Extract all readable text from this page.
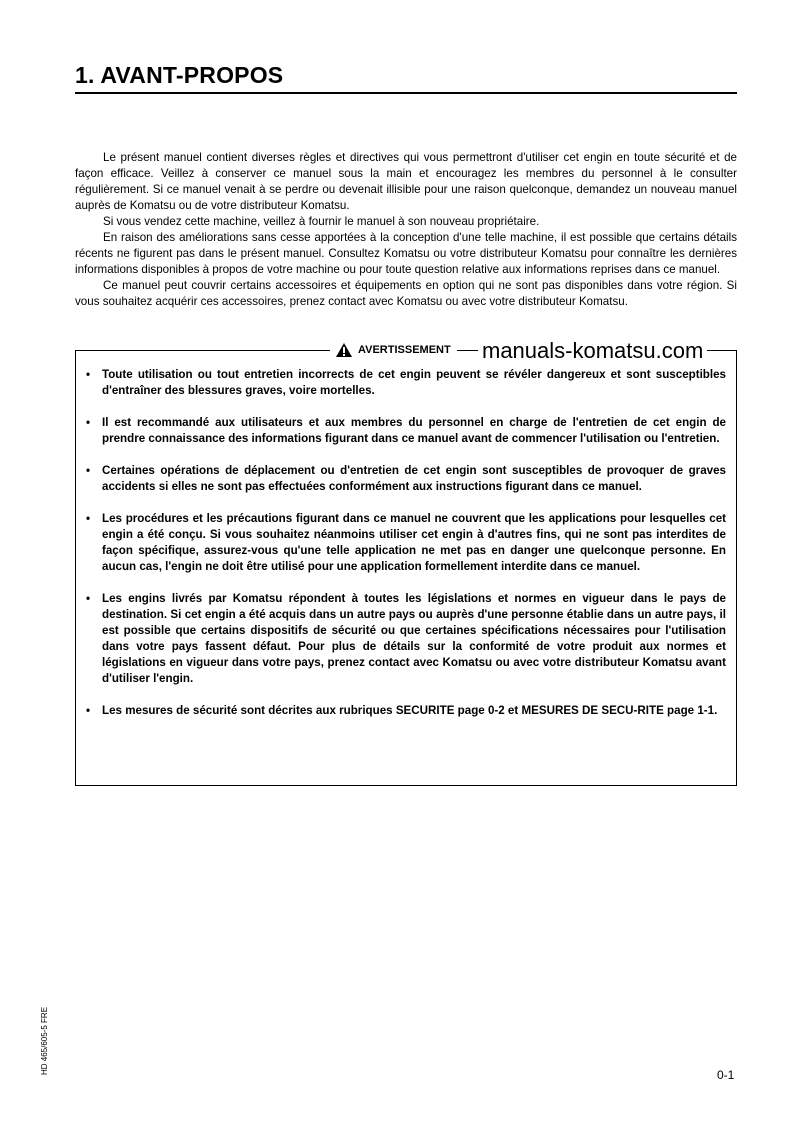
1. AVANT-PROPOS

Le présent manuel contient diverses règles et directives qui vous permettront d'utiliser cet engin en toute sécurité et de façon efficace. Veillez à conserver ce manuel sous la main et encouragez les membres du personnel à le consulter régulièrement. Si ce manuel venait à se perdre ou devenait illisible pour une raison quelconque, demandez un nouveau manuel auprès de Komatsu ou de votre distributeur Komatsu.

Si vous vendez cette machine, veillez à fournir le manuel à son nouveau propriétaire.

En raison des améliorations sans cesse apportées à la conception d'une telle machine, il est possible que certains détails récents ne figurent pas dans le présent manuel. Consultez Komatsu ou votre distributeur Komatsu pour connaître les dernières informations disponibles à propos de votre machine ou pour toute question relative aux informations reprises dans ce manuel.

Ce manuel peut couvrir certains accessoires et équipements en option qui ne sont pas disponibles dans votre région. Si vous souhaitez acquérir ces accessoires, prenez contact avec Komatsu ou avec votre distributeur Komatsu.

AVERTISSEMENT manuals-komatsu.com
•	Toute utilisation ou tout entretien incorrects de cet engin peuvent se révéler dangereux et sont susceptibles d'entraîner des blessures graves, voire mortelles.
•	Il est recommandé aux utilisateurs et aux membres du personnel en charge de l'entretien de cet engin de prendre connaissance des informations figurant dans ce manuel avant de commencer l'utilisation ou l'entretien.
•	Certaines opérations de déplacement ou d'entretien de cet engin sont susceptibles de provoquer de graves accidents si elles ne sont pas effectuées conformément aux instructions figurant dans ce manuel.
•	Les procédures et les précautions figurant dans ce manuel ne couvrent que les applications pour lesquelles cet engin a été conçu. Si vous souhaitez néanmoins utiliser cet engin à d'autres fins, qui ne sont pas interdites de façon spécifique, assurez-vous qu'une telle application ne met pas en danger une quelconque personne. En aucun cas, l'engin ne doit être utilisé pour une application formellement interdite dans ce manuel.
•	Les engins livrés par Komatsu répondent à toutes les législations et normes en vigueur dans le pays de destination. Si cet engin a été acquis dans un autre pays ou auprès d'une personne établie dans un autre pays, il est possible que certains dispositifs de sécurité ou que certaines spécifications nécessaires pour l'utilisation dans votre pays fassent défaut. Pour plus de détails sur la conformité de votre produit aux normes et législations en vigueur dans votre pays, prenez contact avec Komatsu ou avec votre distributeur Komatsu avant d'utiliser l'engin.
•	Les mesures de sécurité sont décrites aux rubriques SECURITE page 0-2 et MESURES DE SECU-RITE page 1-1.
HD 465/605-5 FRE	0-1
